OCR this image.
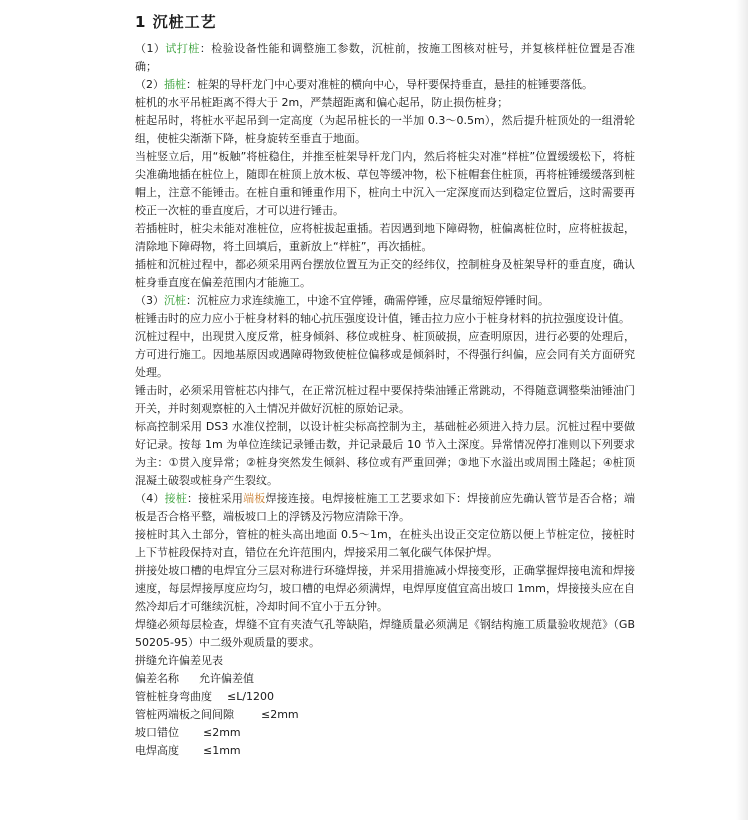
1 沉桩工艺

（1）试打桩：检验设备性能和调整施工参数，沉桩前，按施工图核对桩号，并复核样桩位置是否准确；

（2）插桩：桩架的导杆龙门中心要对准桩的横向中心，导杆要保持垂直，悬挂的桩锤要落低。

桩机的水平吊桩距离不得大于 2m，严禁超距离和偏心起吊，防止损伤桩身；

桩起吊时，将桩水平起吊到一定高度（为起吊桩长的一半加 0.3～0.5m），然后提升桩顶处的一组滑轮组，使桩尖渐渐下降，桩身旋转至垂直于地面。

当桩竖立后，用“板触”将桩稳住，并推至桩架导杆龙门内，然后将桩尖对准“样桩”位置缓缓松下，将桩尖准确地插在桩位上，随即在桩顶上放木板、草包等缓冲物，松下桩帽套住桩顶，再将桩锤缓缓落到桩帽上，注意不能锤击。在桩自重和锤重作用下，桩向土中沉入一定深度而达到稳定位置后，这时需要再校正一次桩的垂直度后，才可以进行锤击。

若插桩时，桩尖未能对准桩位，应将桩拔起重插。若因遇到地下障碍物，桩偏离桩位时，应将桩拔起，清除地下障碍物，将土回填后，重新放上“样桩”，再次插桩。

插桩和沉桩过程中，都必须采用两台摆放位置互为正交的经纬仪，控制桩身及桩架导杆的垂直度，确认桩身垂直度在偏差范围内才能施工。

（3）沉桩：沉桩应力求连续施工，中途不宜停锤，确需停锤，应尽量缩短停锤时间。

桩锤击时的应力应小于桩身材料的轴心抗压强度设计值，锤击拉力应小于桩身材料的抗拉强度设计值。

沉桩过程中，出现贯入度反常，桩身倾斜、移位或桩身、桩顶破损，应查明原因，进行必要的处理后，方可进行施工。因地基原因或遇障碍物致使桩位偏移或是倾斜时，不得强行纠偏，应会同有关方面研究处理。

锤击时，必须采用管桩芯内排气，在正常沉桩过程中要保持柴油锤正常跳动，不得随意调整柴油锤油门开关，并时刻观察桩的入土情况并做好沉桩的原始记录。

标高控制采用 DS3 水准仪控制，以设计桩尖标高控制为主，基础桩必须进入持力层。沉桩过程中要做好记录。按每 1m 为单位连续记录锤击数，并记录最后 10 节入土深度。异常情况停打准则以下列要求为主：①贯入度异常；②桩身突然发生倾斜、移位或有严重回弹；③地下水溢出或周围土隆起；④桩顶混凝土破裂或桩身产生裂纹。

（4）接桩：接桩采用端板焊接连接。电焊接桩施工工艺要求如下：焊接前应先确认管节是否合格；端板是否合格平整，端板坡口上的浮锈及污物应清除干净。

接桩时其入土部分，管桩的桩头高出地面 0.5～1m，在桩头出设正交定位筋以便上节桩定位，接桩时上下节桩段保持对直，错位在允许范围内，焊接采用二氧化碳气体保护焊。

拼接处坡口槽的电焊宜分三层对称进行环缝焊接，并采用措施减小焊接变形，正确掌握焊接电流和焊接速度，每层焊接厚度应均匀，坡口槽的电焊必须满焊，电焊厚度值宜高出坡口 1mm，焊接接头应在自然冷却后才可继续沉桩，冷却时间不宜小于五分钟。

焊缝必须每层检查，焊缝不宜有夹渣气孔等缺陷，焊缝质量必须满足《钢结构施工质量验收规范》（GB50205-95）中二级外观质量的要求。

拼缝允许偏差见表
偏差名称 允许偏差值
管桩桩身弯曲度 ≤L/1200
管桩两端板之间间隙 ≤2mm
坡口错位 ≤2mm
电焊高度 ≤1mm
